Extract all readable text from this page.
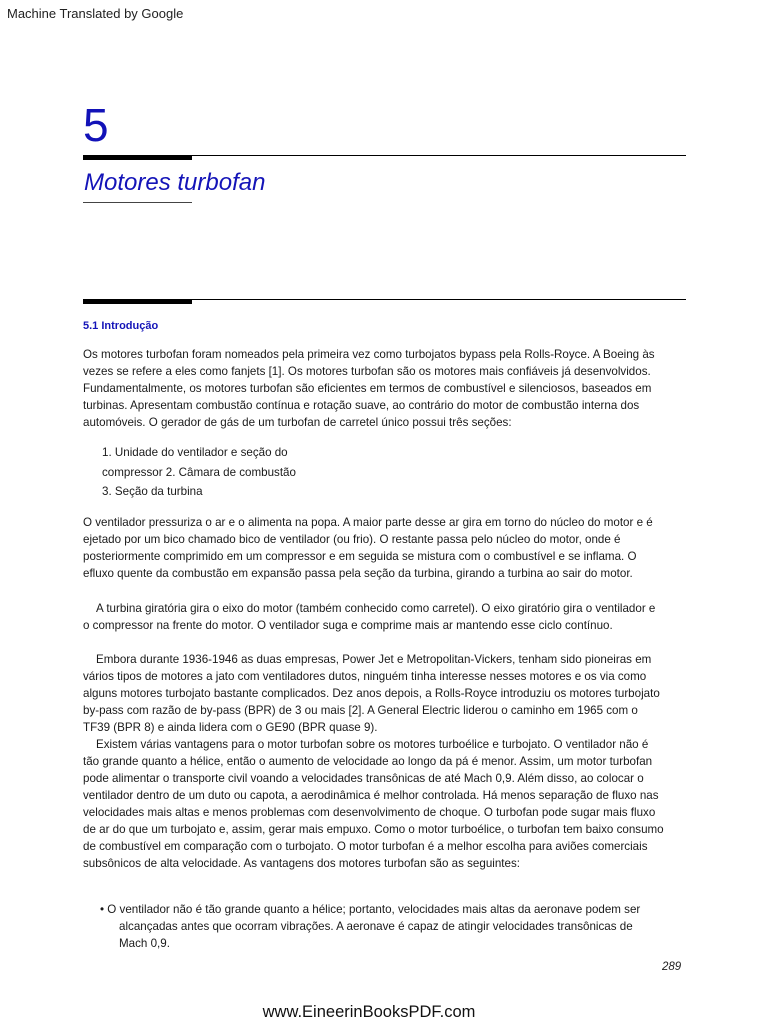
Machine Translated by Google
5
Motores turbofan
5.1 Introdução
Os motores turbofan foram nomeados pela primeira vez como turbojatos bypass pela Rolls-Royce. A Boeing às
vezes se refere a eles como fanjets [1]. Os motores turbofan são os motores mais confiáveis já desenvolvidos.
Fundamentalmente, os motores turbofan são eficientes em termos de combustível e silenciosos, baseados em
turbinas. Apresentam combustão contínua e rotação suave, ao contrário do motor de combustão interna dos
automóveis. O gerador de gás de um turbofan de carretel único possui três seções:
1. Unidade do ventilador e seção do
compressor 2. Câmara de combustão
3. Seção da turbina
O ventilador pressuriza o ar e o alimenta na popa. A maior parte desse ar gira em torno do núcleo do motor e é
ejetado por um bico chamado bico de ventilador (ou frio). O restante passa pelo núcleo do motor, onde é
posteriormente comprimido em um compressor e em seguida se mistura com o combustível e se inflama. O
efluxo quente da combustão em expansão passa pela seção da turbina, girando a turbina ao sair do motor.
A turbina giratória gira o eixo do motor (também conhecido como carretel). O eixo giratório gira o ventilador e
o compressor na frente do motor. O ventilador suga e comprime mais ar mantendo esse ciclo contínuo.
Embora durante 1936-1946 as duas empresas, Power Jet e Metropolitan-Vickers, tenham sido pioneiras em
vários tipos de motores a jato com ventiladores dutos, ninguém tinha interesse nesses motores e os via como
alguns motores turbojato bastante complicados. Dez anos depois, a Rolls-Royce introduziu os motores turbojato
by-pass com razão de by-pass (BPR) de 3 ou mais [2]. A General Electric liderou o caminho em 1965 com o
TF39 (BPR 8) e ainda lidera com o GE90 (BPR quase 9).
Existem várias vantagens para o motor turbofan sobre os motores turboélice e turbojato. O ventilador não é
tão grande quanto a hélice, então o aumento de velocidade ao longo da pá é menor. Assim, um motor turbofan
pode alimentar o transporte civil voando a velocidades transônicas de até Mach 0,9. Além disso, ao colocar o
ventilador dentro de um duto ou capota, a aerodinâmica é melhor controlada. Há menos separação de fluxo nas
velocidades mais altas e menos problemas com desenvolvimento de choque. O turbofan pode sugar mais fluxo
de ar do que um turbojato e, assim, gerar mais empuxo. Como o motor turboélice, o turbofan tem baixo consumo
de combustível em comparação com o turbojato. O motor turbofan é a melhor escolha para aviões comerciais
subsônicos de alta velocidade. As vantagens dos motores turbofan são as seguintes:
• O ventilador não é tão grande quanto a hélice; portanto, velocidades mais altas da aeronave podem ser
alcançadas antes que ocorram vibrações. A aeronave é capaz de atingir velocidades transônicas de
Mach 0,9.
289
www.EineerinBooksPDF.com
